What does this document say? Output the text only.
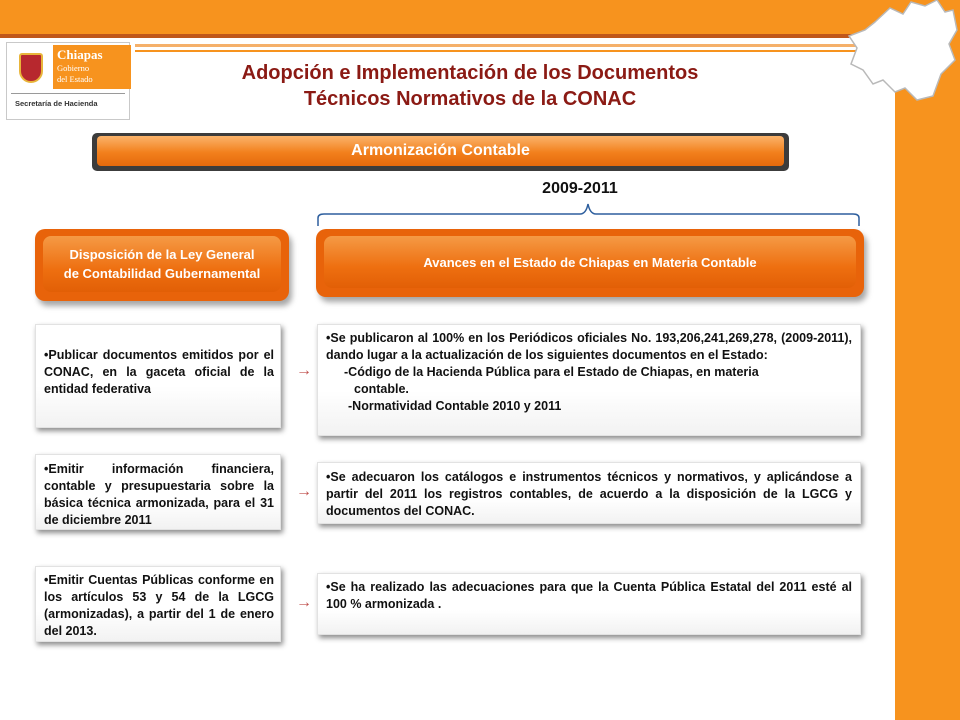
Chiapas
Gobierno
del Estado
Secretaría de Hacienda
Adopción e Implementación de los Documentos
Técnicos Normativos de la CONAC
Armonización Contable
2009-2011
Disposición de la Ley General
de Contabilidad Gubernamental
Avances en el Estado de Chiapas en Materia Contable

•Publicar documentos emitidos por el CONAC, en la gaceta oficial de la entidad federativa

→

•Se publicaron al 100% en los Periódicos oficiales No. 193,206,241,269,278, (2009-2011), dando lugar a la actualización de los siguientes documentos en el Estado:

-Código de la Hacienda Pública para el Estado de Chiapas, en materia

contable.

-Normatividad Contable 2010 y 2011

•Emitir información financiera, contable y presupuestaria sobre la básica técnica armonizada, para el 31 de diciembre 2011

→

•Se adecuaron los catálogos e instrumentos técnicos y normativos, y aplicándose a partir del 2011 los registros contables, de acuerdo a la disposición de la LGCG y documentos del CONAC.

•Emitir Cuentas Públicas conforme en los artículos 53 y 54 de la LGCG (armonizadas), a partir del 1 de enero del 2013.

→

•Se ha realizado las adecuaciones para que la Cuenta Pública Estatal del 2011 esté al 100 % armonizada .
